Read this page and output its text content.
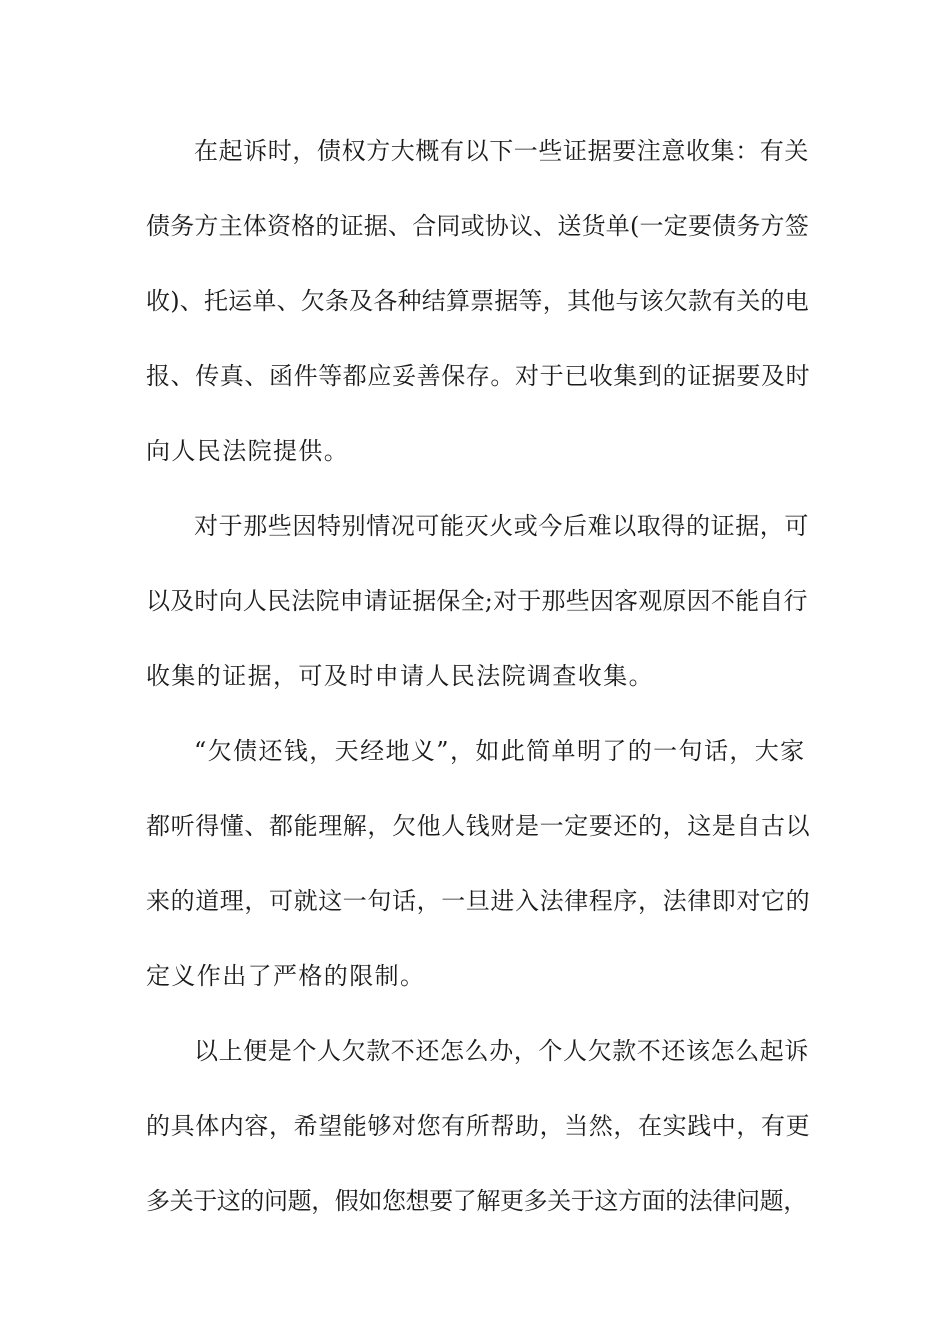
在起诉时，债权方大概有以下一些证据要注意收集：有关
债务方主体资格的证据、合同或协议、送货单(一定要债务方签
收)、托运单、欠条及各种结算票据等，其他与该欠款有关的电
报、传真、函件等都应妥善保存。对于已收集到的证据要及时
向人民法院提供。
对于那些因特别情况可能灭火或今后难以取得的证据，可
以及时向人民法院申请证据保全;对于那些因客观原因不能自行
收集的证据，可及时申请人民法院调查收集。
“欠债还钱，天经地义”，如此简单明了的一句话，大家
都听得懂、都能理解，欠他人钱财是一定要还的，这是自古以
来的道理，可就这一句话，一旦进入法律程序，法律即对它的
定义作出了严格的限制。
以上便是个人欠款不还怎么办，个人欠款不还该怎么起诉
的具体内容，希望能够对您有所帮助，当然，在实践中，有更
多关于这的问题，假如您想要了解更多关于这方面的法律问题，
